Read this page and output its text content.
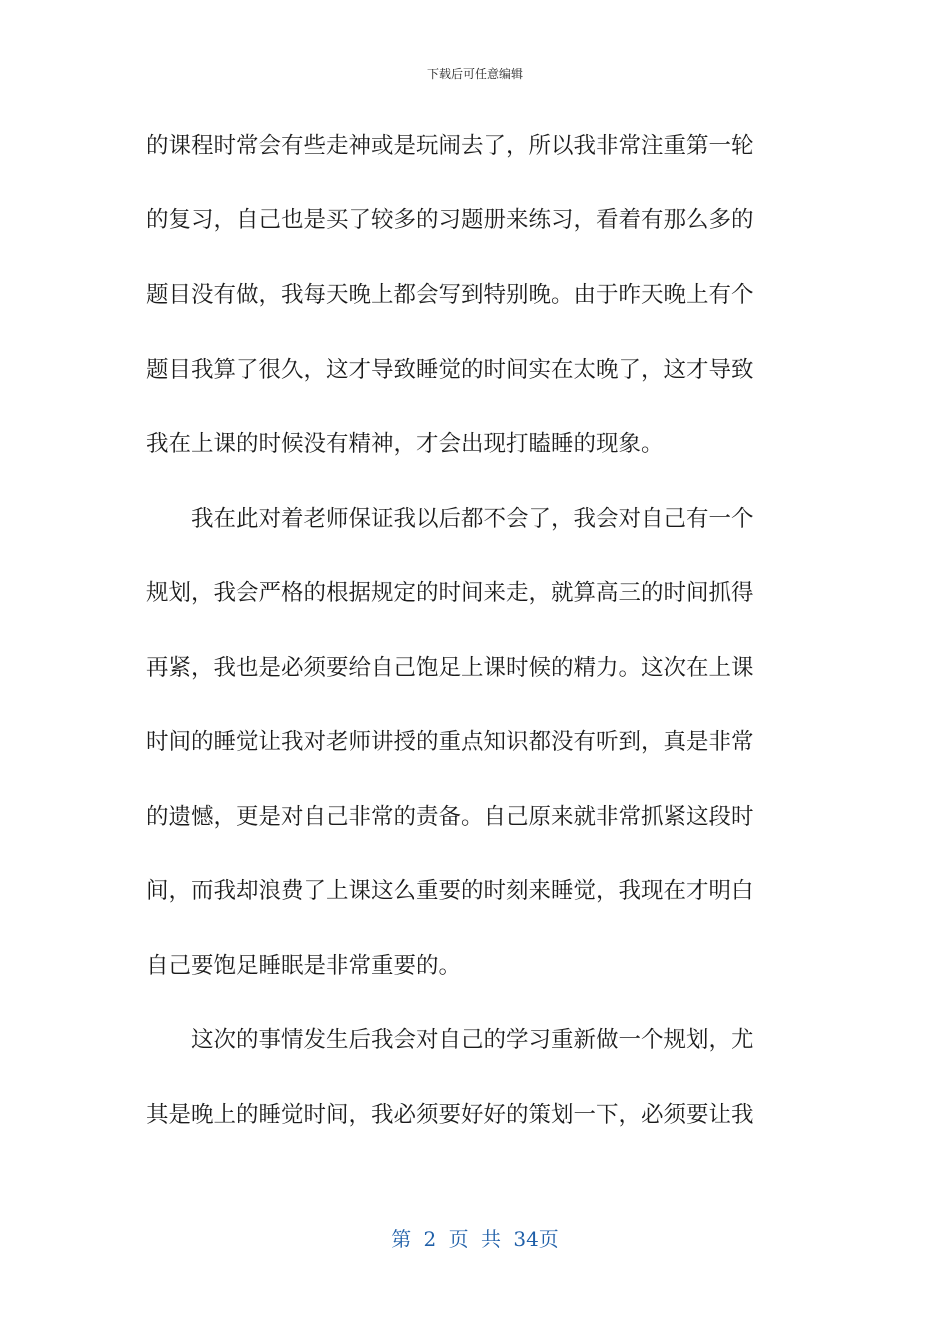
下载后可任意编辑
的课程时常会有些走神或是玩闹去了，所以我非常注重第一轮
的复习，自己也是买了较多的习题册来练习，看着有那么多的
题目没有做，我每天晚上都会写到特别晚。由于昨天晚上有个
题目我算了很久，这才导致睡觉的时间实在太晚了，这才导致
我在上课的时候没有精神，才会出现打瞌睡的现象。
　　我在此对着老师保证我以后都不会了，我会对自己有一个
规划，我会严格的根据规定的时间来走，就算高三的时间抓得
再紧，我也是必须要给自己饱足上课时候的精力。这次在上课
时间的睡觉让我对老师讲授的重点知识都没有听到，真是非常
的遗憾，更是对自己非常的责备。自己原来就非常抓紧这段时
间，而我却浪费了上课这么重要的时刻来睡觉，我现在才明白
自己要饱足睡眠是非常重要的。
　　这次的事情发生后我会对自己的学习重新做一个规划，尤
其是晚上的睡觉时间，我必须要好好的策划一下，必须要让我
第 2 页 共 34页
